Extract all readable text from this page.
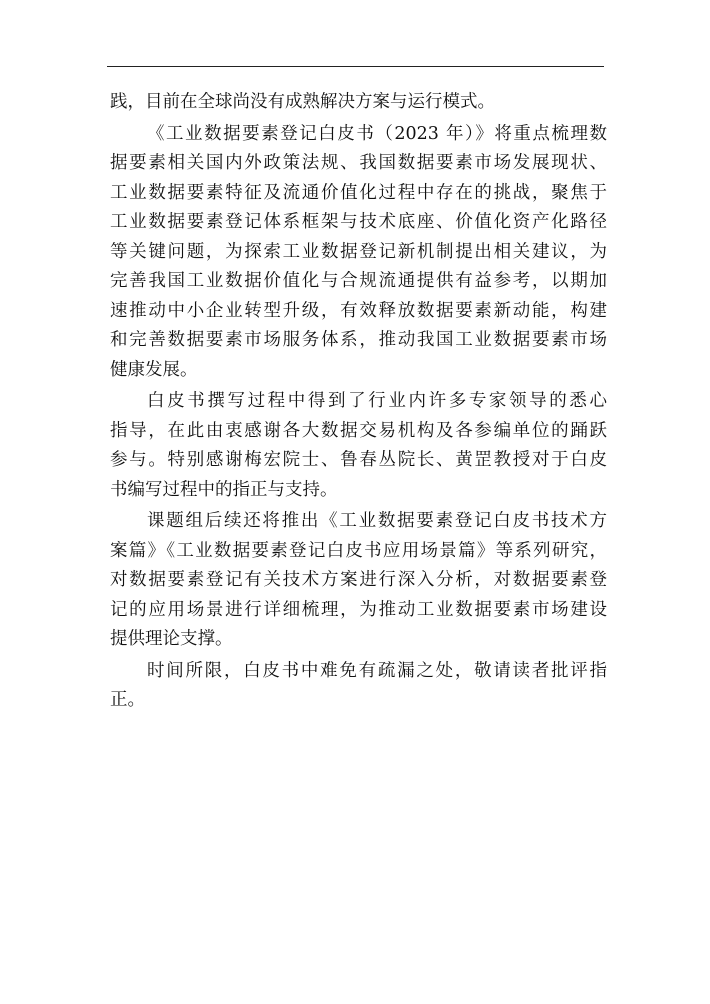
践，目前在全球尚没有成熟解决方案与运行模式。
《工业数据要素登记白皮书（2023 年）》将重点梳理数
据要素相关国内外政策法规、我国数据要素市场发展现状、
工业数据要素特征及流通价值化过程中存在的挑战，聚焦于
工业数据要素登记体系框架与技术底座、价值化资产化路径
等关键问题，为探索工业数据登记新机制提出相关建议，为
完善我国工业数据价值化与合规流通提供有益参考，以期加
速推动中小企业转型升级，有效释放数据要素新动能，构建
和完善数据要素市场服务体系，推动我国工业数据要素市场
健康发展。
白皮书撰写过程中得到了行业内许多专家领导的悉心
指导，在此由衷感谢各大数据交易机构及各参编单位的踊跃
参与。特别感谢梅宏院士、鲁春丛院长、黄罡教授对于白皮
书编写过程中的指正与支持。
课题组后续还将推出《工业数据要素登记白皮书技术方
案篇》《工业数据要素登记白皮书应用场景篇》等系列研究，
对数据要素登记有关技术方案进行深入分析，对数据要素登
记的应用场景进行详细梳理，为推动工业数据要素市场建设
提供理论支撑。
时间所限，白皮书中难免有疏漏之处，敬请读者批评指
正。
